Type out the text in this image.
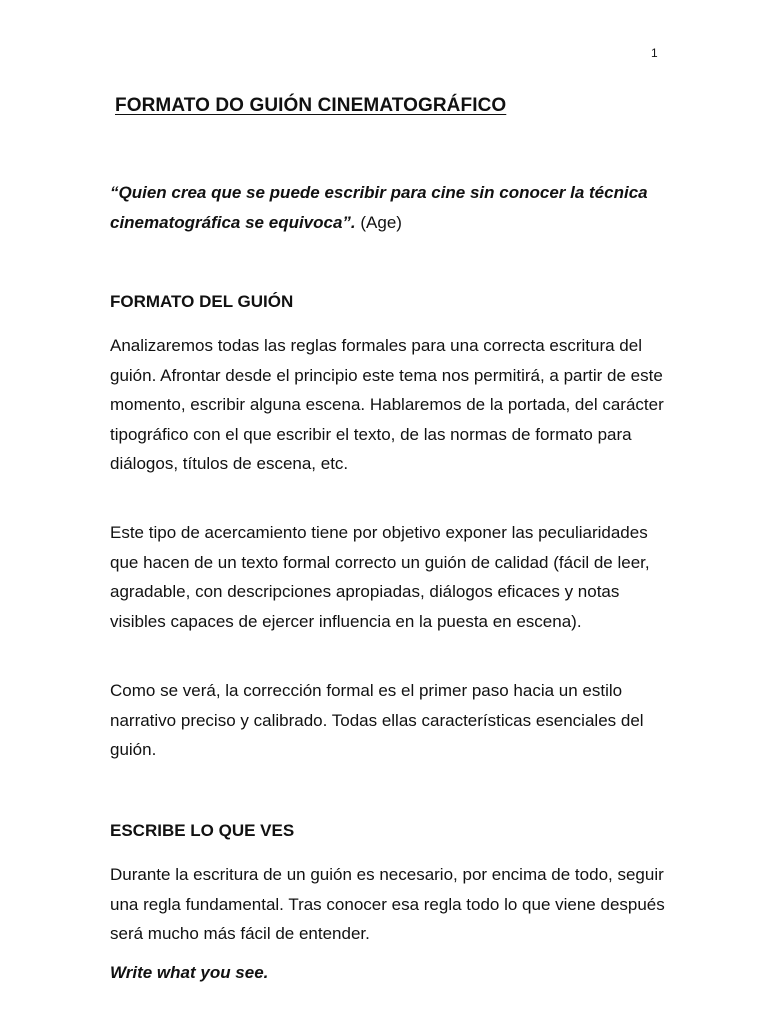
1
FORMATO DO GUIÓN CINEMATOGRÁFICO

“Quien crea que se puede escribir para cine sin conocer la técnica cinematográfica se equivoca”. (Age)

FORMATO DEL GUIÓN

Analizaremos todas las reglas formales para una correcta escritura del guión. Afrontar desde el principio este tema nos permitirá, a partir de este momento, escribir alguna escena. Hablaremos de la portada, del carácter tipográfico con el que escribir el texto, de las normas de formato para diálogos, títulos de escena, etc.

Este tipo de acercamiento tiene por objetivo exponer las peculiaridades que hacen de un texto formal correcto un guión de calidad (fácil de leer, agradable, con descripciones apropiadas, diálogos eficaces y notas visibles capaces de ejercer influencia en la puesta en escena).

Como se verá, la corrección formal es el primer paso hacia un estilo narrativo preciso y calibrado. Todas ellas características esenciales del guión.

ESCRIBE LO QUE VES

Durante la escritura de un guión es necesario, por encima de todo, seguir una regla fundamental. Tras conocer esa regla todo lo que viene después será mucho más fácil de entender.

Write what you see.
